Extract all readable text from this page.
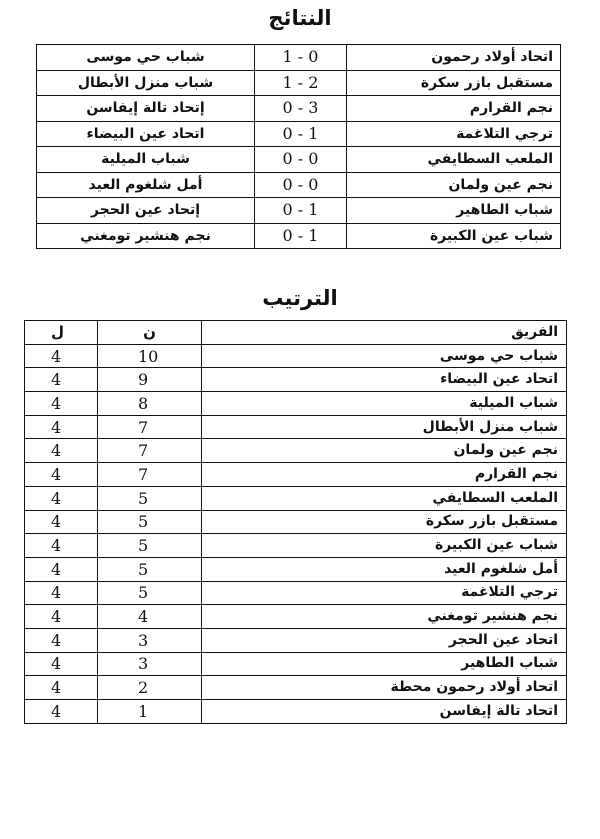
النتائج
شباب حي موسى	1 - 0	اتحاد أولاد رحمون
شباب منزل الأبطال	1 - 2	مستقبل بازر سكرة
إتحاد تالة إيفاسن	0 - 3	نجم القرارم
اتحاد عين البيضاء	0 - 1	ترجي التلاغمة
شباب الميلية	0 - 0	الملعب السطايفي
أمل شلغوم العيد	0 - 0	نجم عين ولمان
إتحاد عين الحجر	0 - 1	شباب الطاهير
نجم هنشير تومغني	0 - 1	شباب عين الكبيرة
الترتيب
ل	ن	الفريق
4	10	شباب حي موسى
4	9	اتحاد عين البيضاء
4	8	شباب الميلية
4	7	شباب منزل الأبطال
4	7	نجم عين ولمان
4	7	نجم القرارم
4	5	الملعب السطايفي
4	5	مستقبل بازر سكرة
4	5	شباب عين الكبيرة
4	5	أمل شلغوم العيد
4	5	ترجي التلاغمة
4	4	نجم هنشير تومغني
4	3	اتحاد عين الحجر
4	3	شباب الطاهير
4	2	اتحاد أولاد رحمون محطة
4	1	اتحاد تالة إيفاسن
